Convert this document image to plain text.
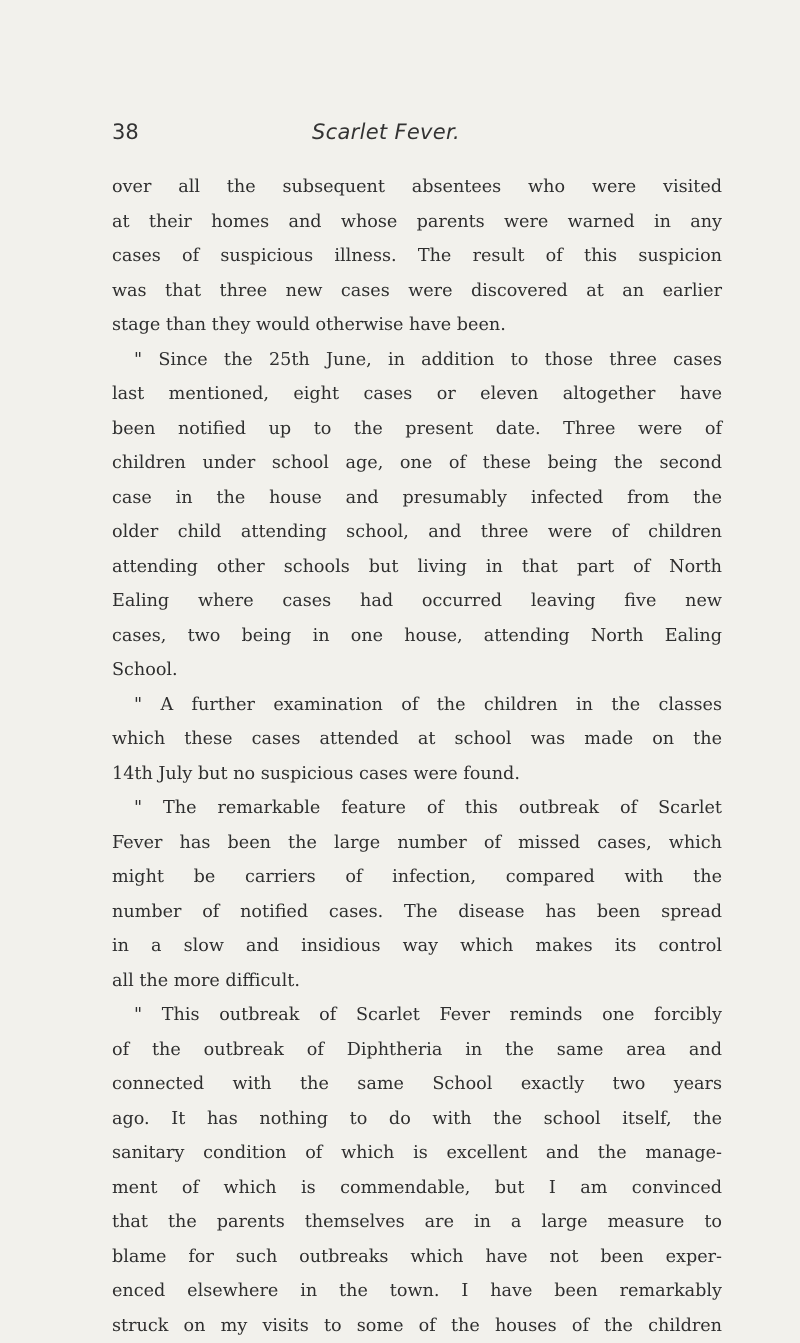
38	Scarlet Fever.
over all the subsequent absentees who were visited
at their homes and whose parents were warned in any
cases of suspicious illness. The result of this suspicion
was that three new cases were discovered at an earlier
stage than they would otherwise have been.
" Since the 25th June, in addition to those three cases
last mentioned, eight cases or eleven altogether have
been notified up to the present date. Three were of
children under school age, one of these being the second
case in the house and presumably infected from the
older child attending school, and three were of children
attending other schools but living in that part of North
Ealing where cases had occurred leaving five new
cases, two being in one house, attending North Ealing
School.
" A further examination of the children in the classes
which these cases attended at school was made on the
14th July but no suspicious cases were found.
" The remarkable feature of this outbreak of Scarlet
Fever has been the large number of missed cases, which
might be carriers of infection, compared with the
number of notified cases. The disease has been spread
in a slow and insidious way which makes its control
all the more difficult.
" This outbreak of Scarlet Fever reminds one forcibly
of the outbreak of Diphtheria in the same area and
connected with the same School exactly two years
ago. It has nothing to do with the school itself, the
sanitary condition of which is excellent and the manage-
ment of which is commendable, but I am convinced
that the parents themselves are in a large measure to
blame for such outbreaks which have not been exper-
enced elsewhere in the town. I have been remarkably
struck on my visits to some of the houses of the children
